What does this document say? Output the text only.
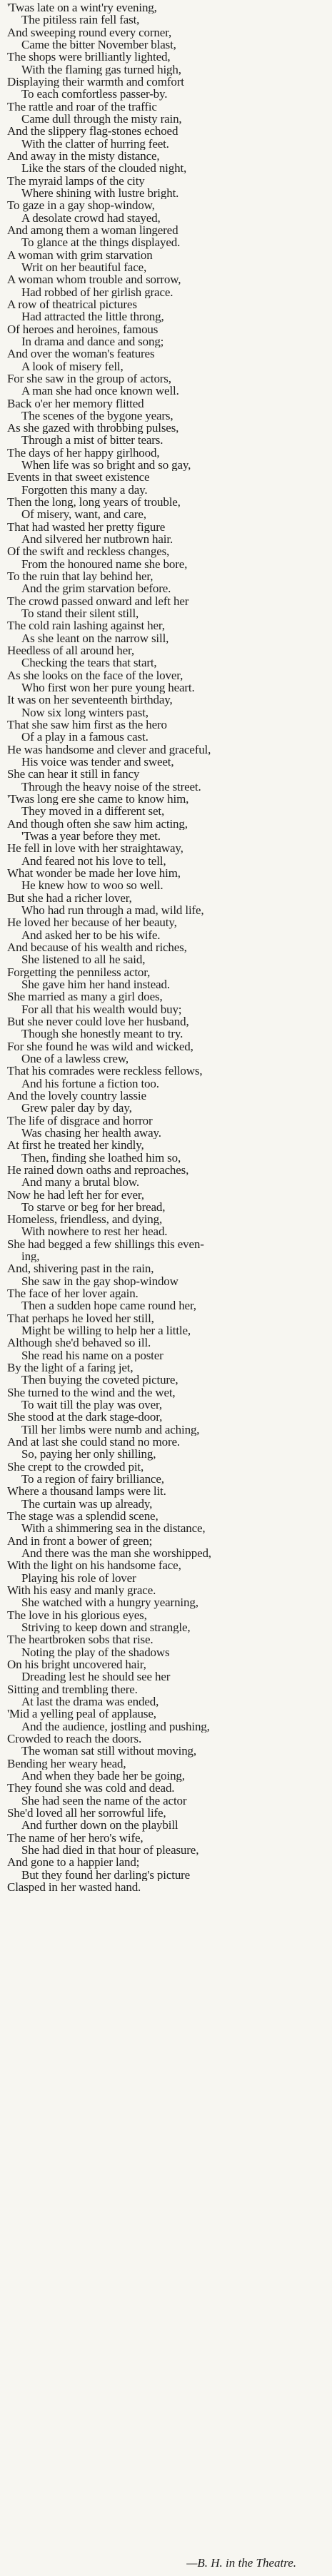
'Twas late on a wint'ry evening,
The pitiless rain fell fast,
And sweeping round every corner,
Came the bitter November blast,
The shops were brilliantly lighted,
With the flaming gas turned high,
Displaying their warmth and comfort
To each comfortless passer-by.
The rattle and roar of the traffic
Came dull through the misty rain,
And the slippery flag-stones echoed
With the clatter of hurring feet.
And away in the misty distance,
Like the stars of the clouded night,
The myraid lamps of the city
Where shining with lustre bright.
To gaze in a gay shop-window,
A desolate crowd had stayed,
And among them a woman lingered
To glance at the things displayed.
A woman with grim starvation
Writ on her beautiful face,
A woman whom trouble and sorrow,
Had robbed of her girlish grace.
A row of theatrical pictures
Had attracted the little throng,
Of heroes and heroines, famous
In drama and dance and song;
And over the woman's features
A look of misery fell,
For she saw in the group of actors,
A man she had once known well.
Back o'er her memory flitted
The scenes of the bygone years,
As she gazed with throbbing pulses,
Through a mist of bitter tears.
The days of her happy girlhood,
When life was so bright and so gay,
Events in that sweet existence
Forgotten this many a day.
Then the long, long years of trouble,
Of misery, want, and care,
That had wasted her pretty figure
And silvered her nutbrown hair.
Of the swift and reckless changes,
From the honoured name she bore,
To the ruin that lay behind her,
And the grim starvation before.
The crowd passed onward and left her
To stand their silent still,
The cold rain lashing against her,
As she leant on the narrow sill,
Heedless of all around her,
Checking the tears that start,
As she looks on the face of the lover,
Who first won her pure young heart.
It was on her seventeenth birthday,
Now six long winters past,
That she saw him first as the hero
Of a play in a famous cast.
He was handsome and clever and graceful,
His voice was tender and sweet,
She can hear it still in fancy
Through the heavy noise of the street.
'Twas long ere she came to know him,
They moved in a different set,
And though often she saw him acting,
'Twas a year before they met.
He fell in love with her straightaway,
And feared not his love to tell,
What wonder be made her love him,
He knew how to woo so well.
But she had a richer lover,
Who had run through a mad, wild life,
He loved her because of her beauty,
And asked her to be his wife.
And because of his wealth and riches,
She listened to all he said,
Forgetting the penniless actor,
She gave him her hand instead.
She married as many a girl does,
For all that his wealth would buy;
But she never could love her husband,
Though she honestly meant to try.
For she found he was wild and wicked,
One of a lawless crew,
That his comrades were reckless fellows,
And his fortune a fiction too.
And the lovely country lassie
Grew paler day by day,
The life of disgrace and horror
Was chasing her health away.
At first he treated her kindly,
Then, finding she loathed him so,
He rained down oaths and reproaches,
And many a brutal blow.
Now he had left her for ever,
To starve or beg for her bread,
Homeless, friendless, and dying,
With nowhere to rest her head.
She had begged a few shillings this even-
ing,
And, shivering past in the rain,
She saw in the gay shop-window
The face of her lover again.
Then a sudden hope came round her,
That perhaps he loved her still,
Might be willing to help her a little,
Although she'd behaved so ill.
She read his name on a poster
By the light of a faring jet,
Then buying the coveted picture,
She turned to the wind and the wet,
To wait till the play was over,
She stood at the dark stage-door,
Till her limbs were numb and aching,
And at last she could stand no more.
So, paying her only shilling,
She crept to the crowded pit,
To a region of fairy brilliance,
Where a thousand lamps were lit.
The curtain was up already,
The stage was a splendid scene,
With a shimmering sea in the distance,
And in front a bower of green;
And there was the man she worshipped,
With the light on his handsome face,
Playing his role of lover
With his easy and manly grace.
She watched with a hungry yearning,
The love in his glorious eyes,
Striving to keep down and strangle,
The heartbroken sobs that rise.
Noting the play of the shadows
On his bright uncovered hair,
Dreading lest he should see her
Sitting and trembling there.
At last the drama was ended,
'Mid a yelling peal of applause,
And the audience, jostling and pushing,
Crowded to reach the doors.
The woman sat still without moving,
Bending her weary head,
And when they bade her be going,
They found she was cold and dead.
She had seen the name of the actor
She'd loved all her sorrowful life,
And further down on the playbill
The name of her hero's wife,
She had died in that hour of pleasure,
And gone to a happier land;
But they found her darling's picture
Clasped in her wasted hand.
—B. H. in the Theatre.
